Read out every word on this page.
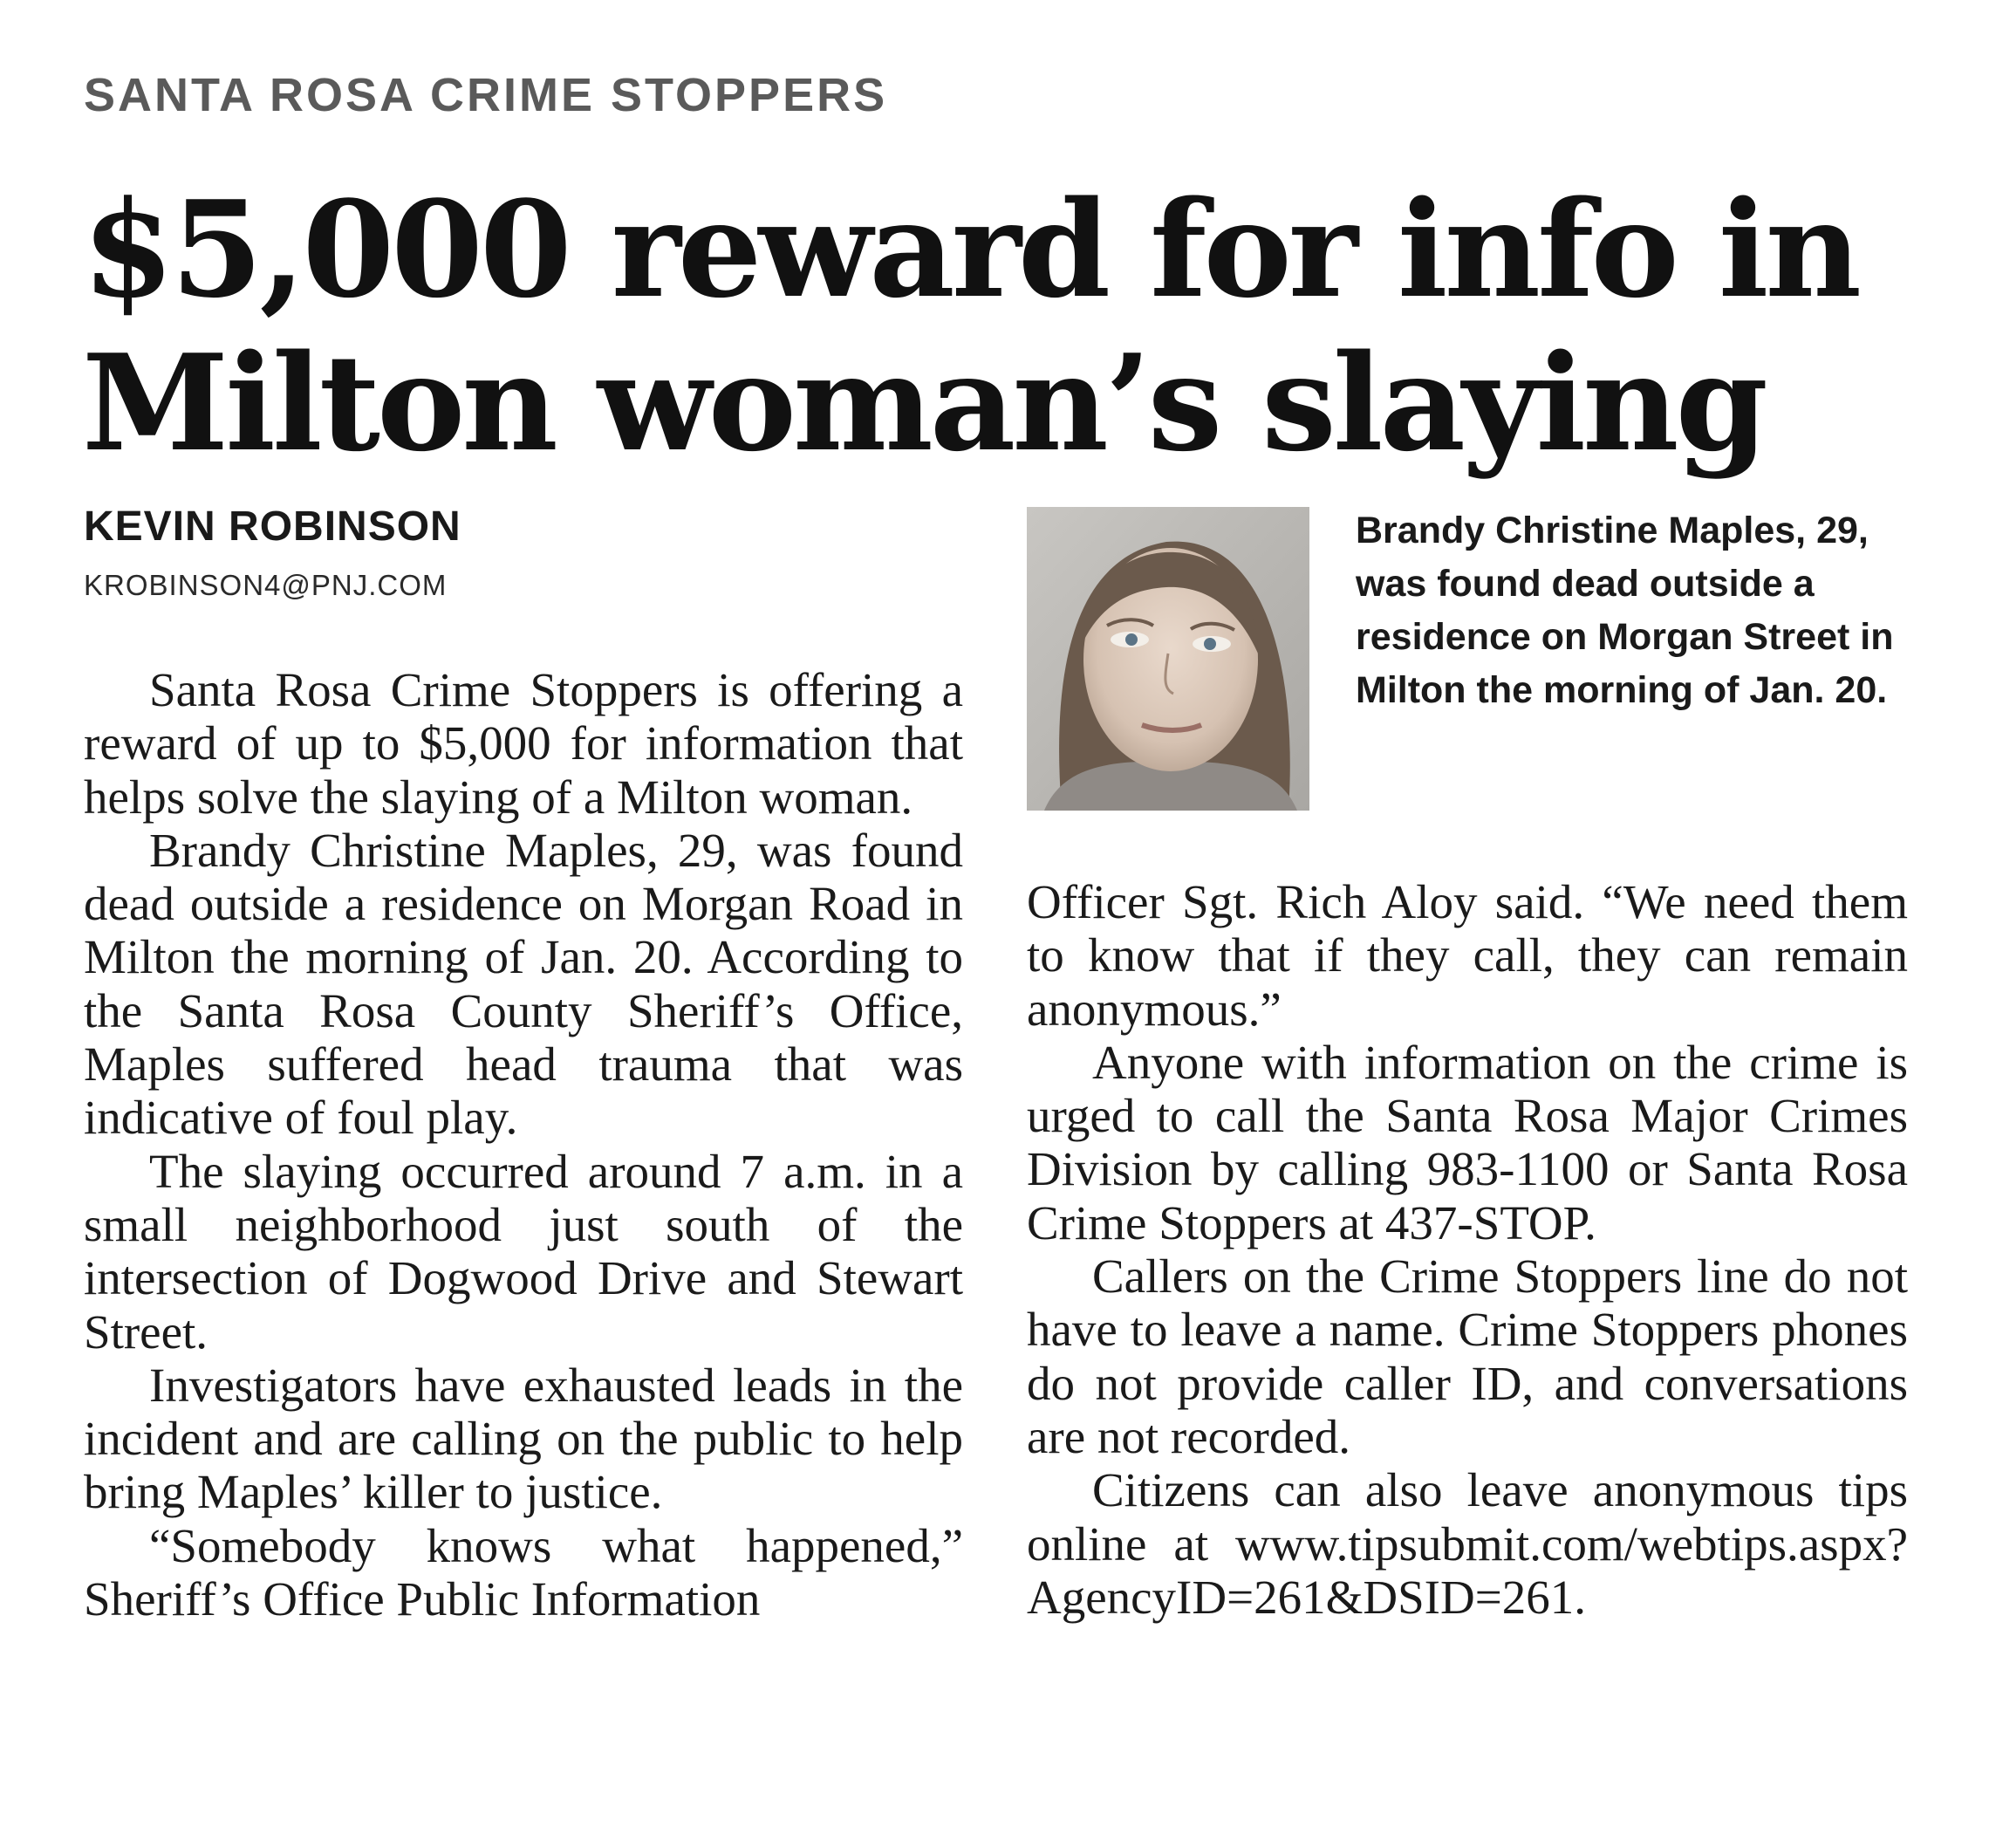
SANTA ROSA CRIME STOPPERS
$5,000 reward for info in
Milton woman’s slaying
KEVIN ROBINSON
KROBINSON4@PNJ.COM

Brandy Christine Maples, 29, was found dead outside a residence on Morgan Street in Milton the morning of Jan. 20.

Santa Rosa Crime Stoppers is offering a reward of up to $5,000 for information that helps solve the slaying of a Milton woman.

Brandy Christine Maples, 29, was found dead outside a residence on Morgan Road in Milton the morning of Jan. 20. According to the Santa Rosa County Sheriff’s Office, Maples suffered head trauma that was indicative of foul play.

The slaying occurred around 7 a.m. in a small neighborhood just south of the intersection of Dogwood Drive and Stewart Street.

Investigators have exhausted leads in the incident and are calling on the public to help bring Maples’ killer to justice.

“Somebody knows what happened,” Sheriff’s Office Public Information

Officer Sgt. Rich Aloy said. “We need them to know that if they call, they can remain anonymous.”

Anyone with information on the crime is urged to call the Santa Rosa Major Crimes Division by calling 983-1100 or Santa Rosa Crime Stoppers at 437-STOP.

Callers on the Crime Stoppers line do not have to leave a name. Crime Stoppers phones do not provide caller ID, and conversations are not recorded.

Citizens can also leave anonymous tips online at www.tipsubmit.com/webtips.aspx?AgencyID=261&DSID=261.
